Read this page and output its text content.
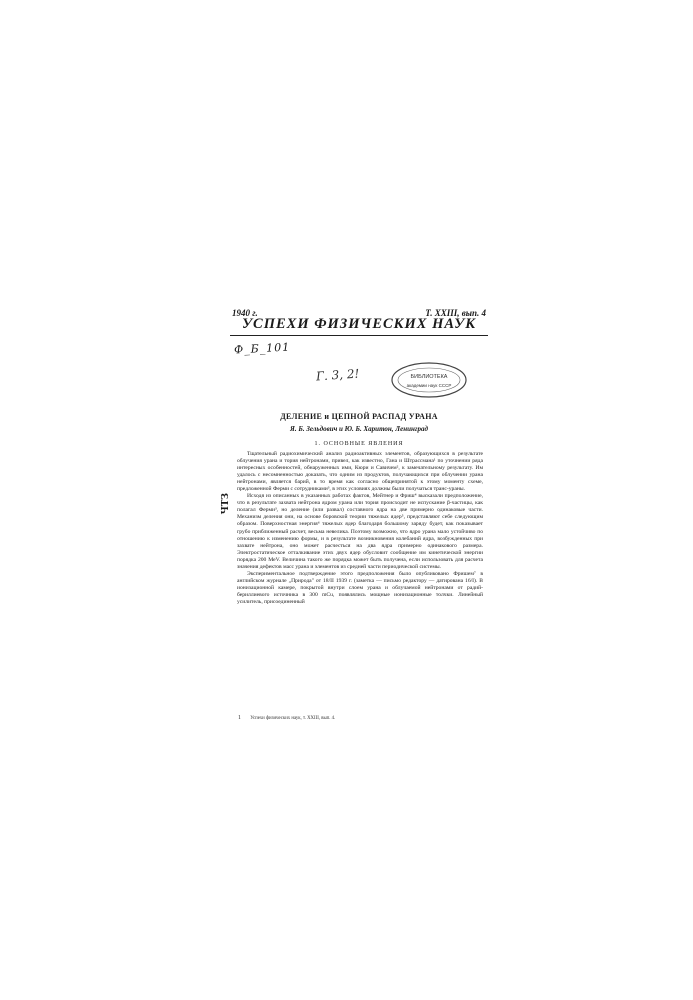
1940 г.	Т. XXIII, вып. 4
УСПЕХИ ФИЗИЧЕСКИХ НАУК
Ф_Б_101
Г. 3, 2!	БИБЛИОТЕКА
академии наук СССР
ДЕЛЕНИЕ и ЦЕПНОЙ РАСПАД УРАНА
Я. Б. Зельдович и Ю. Б. Харитон, Ленинград
1. ОСНОВНЫЕ ЯВЛЕНИЯ
ЧТЗ

Тщательный радиохимический анализ радиоактивных элементов, образующихся в результате облучения урана и тория нейтронами, привел, как известно, Гана и Штрассмана¹ по уточнении ряда интересных особенностей, обнаруженных ими, Кюри и Савичем², к замечательному результату. Им удалось с несомненностью доказать, что одним из продуктов, получающихся при облучении урана нейтронами, является барий, в то время как согласно общепринятой к этому моменту схеме, предложенной Ферми с сотрудниками³, в этих условиях должны были получаться транс-ураны.

Исходя из описанных в указанных работах фактов, Мейтнер и Фриш⁴ высказали предположение, что в результате захвата нейтрона ядром урана или тория происходит не испускание β-частицы, как полагал Ферми³, но деление (или развал) составного ядра на две примерно одинаковые части. Механизм деления они, на основе боровской теории тяжелых ядер⁵, представляют себе следующим образом. Поверхностная энергия⁶ тяжелых ядер благодаря большому заряду будет, как показывает грубо приближенный расчет, весьма невелика. Поэтому возможно, что ядро урана мало устойчиво по отношению к изменению формы, и в результате возникновения колебаний ядра, возбужденных при захвате нейтрона, оно может расчесться на два ядра примерно одинакового размера. Электростатическое отталкивание этих двух ядер обусловит сообщение им кинетической энергии порядка 200 MeV. Величина такого же порядка может быть получена, если использовать для расчета значения дефектов масс урана и элементов из средней части периодической системы.

Экспериментальное подтверждение этого предположения было опубликовано Фришем⁷ в английском журнале „Природа" от 18/II 1939 г. (заметка — письмо редактору — датирована 16/I). В ионизационной камере, покрытой внутри слоем урана и облучаемой нейтронами от радий-бериллиевого источника в 300 mCu, появлялись мощные ионизационные толчки. Линейный усилитель, присоединенный

1 Успехи физических наук, т. XXIII, вып. 4.
